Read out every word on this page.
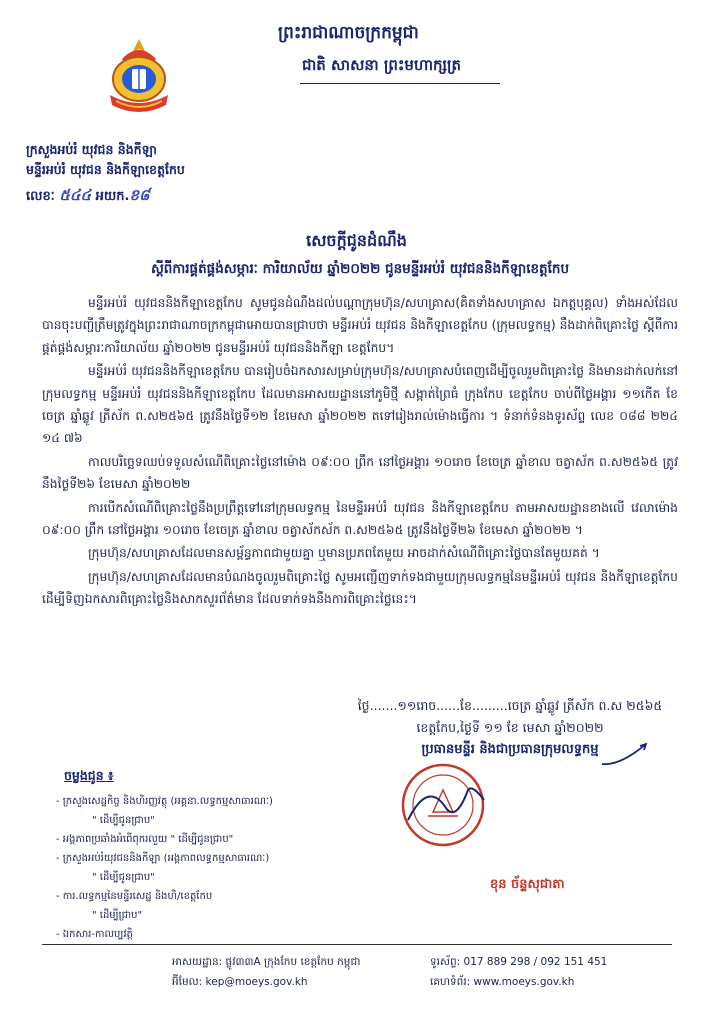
ព្រះរាជាណាចក្រកម្ពុជា
ជាតិ សាសនា ព្រះមហាក្សត្រ
ក្រសួងអប់រំ យុវជន និងកីឡា
មន្ទីរអប់រំ យុវជន និងកីឡាខេត្តកែប
លេខៈ ៥៤៤ អយក.ខ៨
សេចក្តីជូនដំណឹង
ស្តីពីការផ្គត់ផ្គង់សម្ភារៈ ការិយាល័យ ឆ្នាំ២០២២ ជូនមន្ទីរអប់រំ យុវជននិងកីឡាខេត្តកែប

មន្ទីរអប់រំ យុវជននិងកីឡាខេត្តកែប សូមជូនដំណឹងដល់បណ្តាក្រុមហ៊ុន/សហគ្រាស(គិតទាំងសហគ្រាស ឯកត្តបុគ្គល) ទាំងអស់ដែលបានចុះបញ្ជីត្រឹមត្រូវក្នុងព្រះរាជាណាចក្រកម្ពុជាអោយបានជ្រាបថា មន្ទីរអប់រំ យុវជន និងកីឡាខេត្តកែប (ក្រុមលទ្ធកម្ម) នឹងដាក់ពិគ្រោះថ្លៃ ស្តីពីការផ្គត់ផ្គង់សម្ភារៈការិយាល័យ ឆ្នាំ២០២២ ជូនមន្ទីរអប់រំ យុវជននិងកីឡា ខេត្តកែប។

មន្ទីរអប់រំ យុវជននិងកីឡាខេត្តកែប បានរៀបចំឯកសារសម្រាប់ក្រុមហ៊ុន/សហគ្រាសបំពេញដើម្បីចូលរួមពិគ្រោះថ្លៃ និងមានដាក់លក់នៅក្រុមលទ្ធកម្ម មន្ទីរអប់រំ យុវជននិងកីឡាខេត្តកែប ដែលមានអាសយដ្ឋាននៅភូមិថ្មី សង្កាត់ព្រៃធំ ក្រុងកែប ខេត្តកែប ចាប់ពីថ្ងៃអង្គារ ១១កើត ខែចេត្រ ឆ្នាំឆ្លូវ ត្រីស័ក ព.ស២៥៦៥ ត្រូវនឹងថ្ងៃទី១២ ខែមេសា ឆ្នាំ២០២២ តទៅរៀងរាល់ម៉ោងធ្វើការ ។ ទំនាក់ទំនងទូរស័ព្ទ លេខ ០៨៨ ២២៤ ១៤ ៧៦

កាលបរិច្ឆេទឈប់ទទួលសំណើពិគ្រោះថ្លៃនៅម៉ោង ០៩:០០ ព្រឹក នៅថ្ងៃអង្គារ ១០រោច ខែចេត្រ ឆ្នាំខាល ចត្វាស័ក ព.ស២៥៦៥ ត្រូវនឹងថ្ងៃទី២៦ ខែមេសា ឆ្នាំ២០២២

ការបើកសំណើពិគ្រោះថ្លៃនឹងប្រព្រឹត្តទៅនៅក្រុមលទ្ធកម្ម នៃមន្ទីរអប់រំ យុវជន និងកីឡាខេត្តកែប តាមអាសយដ្ឋានខាងលើ វេលាម៉ោង ០៩:០០ ព្រឹក នៅថ្ងៃអង្គារ ១០រោច ខែចេត្រ ឆ្នាំខាល ចត្វាស័កស័ក ព.ស២៥៦៥ ត្រូវនឹងថ្ងៃទី២៦ ខែមេសា ឆ្នាំ២០២២ ។

ក្រុមហ៊ុន/សហគ្រាសដែលមានសម្ព័ន្ធភាពជាមួយគ្នា ឬមានប្រភពតែមួយ អាចដាក់សំណើពិគ្រោះថ្លៃបានតែមួយគត់ ។

ក្រុមហ៊ុន/សហគ្រាសដែលមានបំណងចូលរួមពិគ្រោះថ្លៃ សូមអញ្ជើញទាក់ទងជាមួយក្រុមលទ្ធកម្មនៃមន្ទីរអប់រំ យុវជន និងកីឡាខេត្តកែបដើម្បីទិញឯកសារពិគ្រោះថ្លៃនិងសាកសួរព័ត៌មាន ដែលទាក់ទងនឹងការពិគ្រោះថ្លៃនេះ។

ថ្ងៃ.......១១រោច......ខែ.........ចេត្រ ឆ្នាំឆ្លូវ ត្រីស័ក ព.ស ២៥៦៥
ខេត្តកែប,ថ្ងៃទី ១១ ខែ មេសា ឆ្នាំ២០២២
ប្រធានមន្ទីរ និងជាប្រធានក្រុមលទ្ធកម្ម
ខុន ច័ន្ទសុជាតា
ចម្លងជូន ៖
- ក្រសួងសេដ្ឋកិច្ច និងហិរញ្ញវត្ថុ (អគ្គនា.លទ្ធកម្មសាធារណៈ)
" ដើម្បីជូនជ្រាប"
- អង្គភាពប្រឆាំងអំពើពុករលួយ " ដើម្បីជូនជ្រាប"
- ក្រសួងអប់រំយុវជននិងកីឡា (អង្គភាពលទ្ធកម្មសាធារណៈ)
" ដើម្បីជូនជ្រាប"
- ការ.លទ្ធកម្មនៃមន្ទីរសេដ្ឋ និងហិ/ខេត្តកែប
" ដើម្បីជ្រាប"
- ឯកសារ-កាលប្បវត្តិ
អាសយដ្ឋាន: ផ្លូវ៣៣A ក្រុងកែប ខេត្តកែប កម្ពុជា
អ៊ីមែល: kep@moeys.gov.kh
ទូរស័ព្ទ: 017 889 298 / 092 151 451
គេហទំព័រ: www.moeys.gov.kh
